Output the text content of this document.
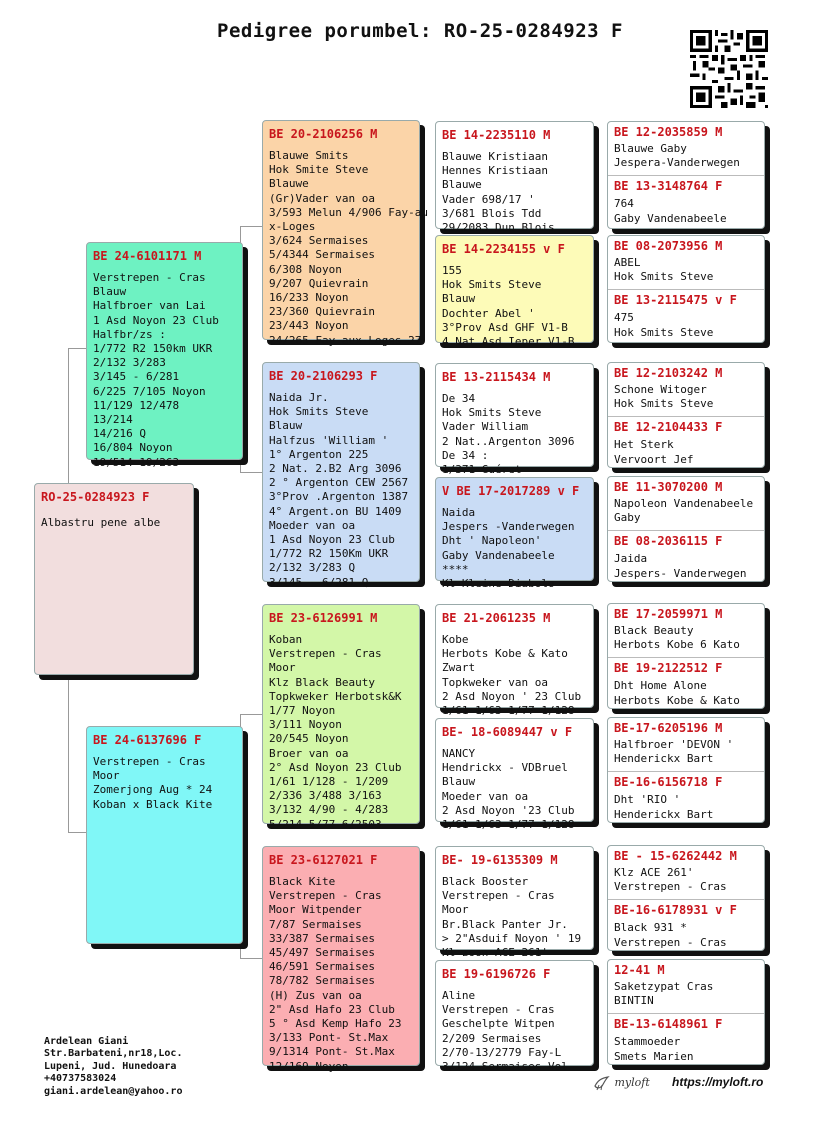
Pedigree porumbel: RO-25-0284923 F
RO-25-0284923 F
Albastru pene albe
BE 24-6101171 M
Verstrepen - Cras
Blauw
Halfbroer van Lai
1 Asd Noyon 23 Club
Halfbr/zs :
1/772 R2 150km UKR
2/132 3/283
3/145 - 6/281
6/225 7/105 Noyon
11/129 12/478
13/214
14/216 Q
16/804 Noyon
19/514 19/263
BE 24-6137696 F
Verstrepen - Cras
Moor
Zomerjong Aug * 24
Koban x Black Kite
BE 20-2106256 M
Blauwe Smits
Hok Smite Steve
Blauwe
(Gr)Vader van oa
3/593 Melun 4/906 Fay-au
x-Loges
3/624 Sermaises
5/4344 Sermaises
6/308 Noyon
9/207 Quievrain
16/233 Noyon
23/360 Quievrain
23/443 Noyon
24/265 Fay-aux-Loges 27
BE 20-2106293 F
Naida Jr.
Hok Smits Steve
Blauw
Halfzus 'William '
1° Argenton 225
2 Nat. 2.B2 Arg 3096
2 ° Argenton CEW 2567
3°Prov .Argenton 1387
4° Argent.on BU 1409
Moeder van oa
1 Asd Noyon 23 Club
1/772 R2 150Km UKR
2/132 3/283 Q
3/145 - 6/281 Q
BE 23-6126991 M
Koban
Verstrepen - Cras
Moor
Klz Black Beauty
Topkweker Herbotsk&K
1/77 Noyon
3/111 Noyon
20/545 Noyon
Broer van oa
2° Asd Noyon 23 Club
1/61 1/128 - 1/209
2/336 3/488 3/163
3/132 4/90 - 4/283
5/214 5/77 6/2503
BE 23-6127021 F
Black Kite
Verstrepen - Cras
Moor Witpender
7/87 Sermaises
33/387 Sermaises
45/497 Sermaises
46/591 Sermaises
78/782 Sermaises
(H) Zus van oa
2" Asd Hafo 23 Club
5 ° Asd Kemp Hafo 23
3/133 Pont- St.Max
9/1314 Pont- St.Max
12/169 Noyon
BE 14-2235110 M
Blauwe Kristiaan
Hennes Kristiaan
Blauwe
Vader 698/17 '
3/681 Blois Tdd
29/2083 Dun Blois
BE 14-2234155 v F
155
Hok Smits Steve
Blauw
Dochter Abel '
3°Prov Asd GHF V1-B
4 Nat Asd Ieper V1-B
BE 13-2115434 M
De 34
Hok Smits Steve
Vader William
2 Nat..Argenton 3096
De 34 :
1/371 Guéret
V BE 17-2017289 v F
Naida
Jespers -Vanderwegen
Dht ' Napoleon'
Gaby Vandenabeele
****
Kl Kleine Diabolo
BE 21-2061235 M
Kobe
Herbots Kobe & Kato
Zwart
Topkweker van oa
2 Asd Noyon ' 23 Club
1/61 1/63 1/77 1/128
BE- 18-6089447 v F
NANCY
Hendrickx - VDBruel
Blauw
Moeder van oa
2 Asd Noyon '23 Club
1/61 1/63 1/77 1/128
BE- 19-6135309 M
Black Booster
Verstrepen - Cras
Moor
Br.Black Panter Jr.
> 2"Asduif Noyon ' 19
Kl zoon ACE 261'
BE 19-6196726 F
Aline
Verstrepen - Cras
Geschelpte Witpen
2/209 Sermaises
2/70-13/2779 Fay-L
3/124 Sermaises Vol
BE 12-2035859 M
Blauwe Gaby
Jespera-Vanderwegen
BE 13-3148764 F
764
Gaby Vandenabeele
BE 08-2073956 M
ABEL
Hok Smits Steve
BE 13-2115475 v F
475
Hok Smits Steve
BE 12-2103242 M
Schone Witoger
Hok Smits Steve
BE 12-2104433 F
Het Sterk
Vervoort Jef
BE 11-3070200 M
Napoleon Vandenabeele
Gaby
BE 08-2036115 F
Jaida
Jespers- Vanderwegen
BE 17-2059971 M
Black Beauty
Herbots Kobe 6 Kato
BE 19-2122512 F
Dht Home Alone
Herbots Kobe & Kato
BE-17-6205196 M
Halfbroer 'DEVON '
Henderickx Bart
BE-16-6156718 F
Dht 'RIO '
Henderickx Bart
BE - 15-6262442 M
Klz ACE 261'
Verstrepen - Cras
BE-16-6178931 v F
Black 931 *
Verstrepen - Cras
12-41 M
Saketzypat Cras
BINTIN
BE-13-6148961 F
Stammoeder
Smets Marien
Ardelean Giani
Str.Barbateni,nr18,Loc.
Lupeni, Jud. Hunedoara
+40737583024
giani.ardelean@yahoo.ro
myloft https://myloft.ro
